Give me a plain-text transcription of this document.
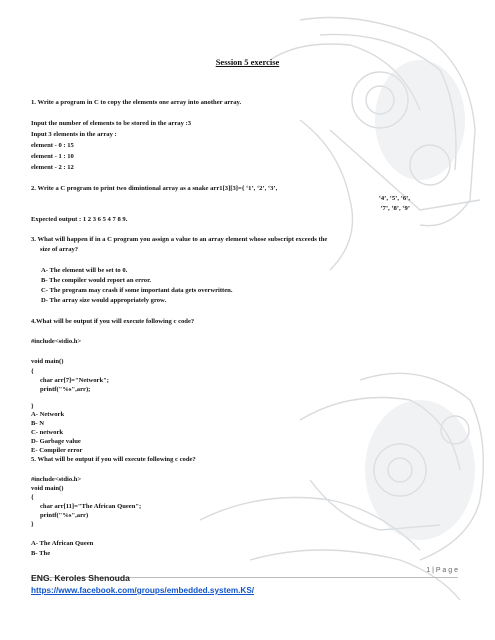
Session 5 exercise
1. Write a program in C to copy the elements one array into another array.
Input the number of elements to be stored in the array :3
Input 3 elements in the array :
element - 0 : 15
element - 1 : 10
element - 2 : 12
2. Write a C program to print two dimintional array as a snake arr1[3][3]={ ‘1’, ‘2’, ‘3’,
‘4’, ‘5’, ‘6’,
‘7’, ‘8’, ‘9’
Expected output : 1 2 3 6 5 4 7 8 9.
3. What will happen if in a C program you assign a value to an array element whose subscript exceeds the
size of array?
A- The element will be set to 0.
B- The compiler would report an error.
C- The program may crash if some important data gets overwritten.
D- The array size would appropriately grow.
4.What will be output if you will execute following c code?
#include<stdio.h>
void main()
{
char arr[7]="Network";
printf("%s",arr);
}
A- Network
B- N
C- network
D- Garbage value
E- Compiler error
5. What will be output if you will execute following c code?
#include<stdio.h>
void main()
{
char arr[11]="The African Queen";
printf("%s",arr)
}
A- The African Queen
B- The
1 | P a g e
ENG. Keroles Shenouda
https://www.facebook.com/groups/embedded.system.KS/
